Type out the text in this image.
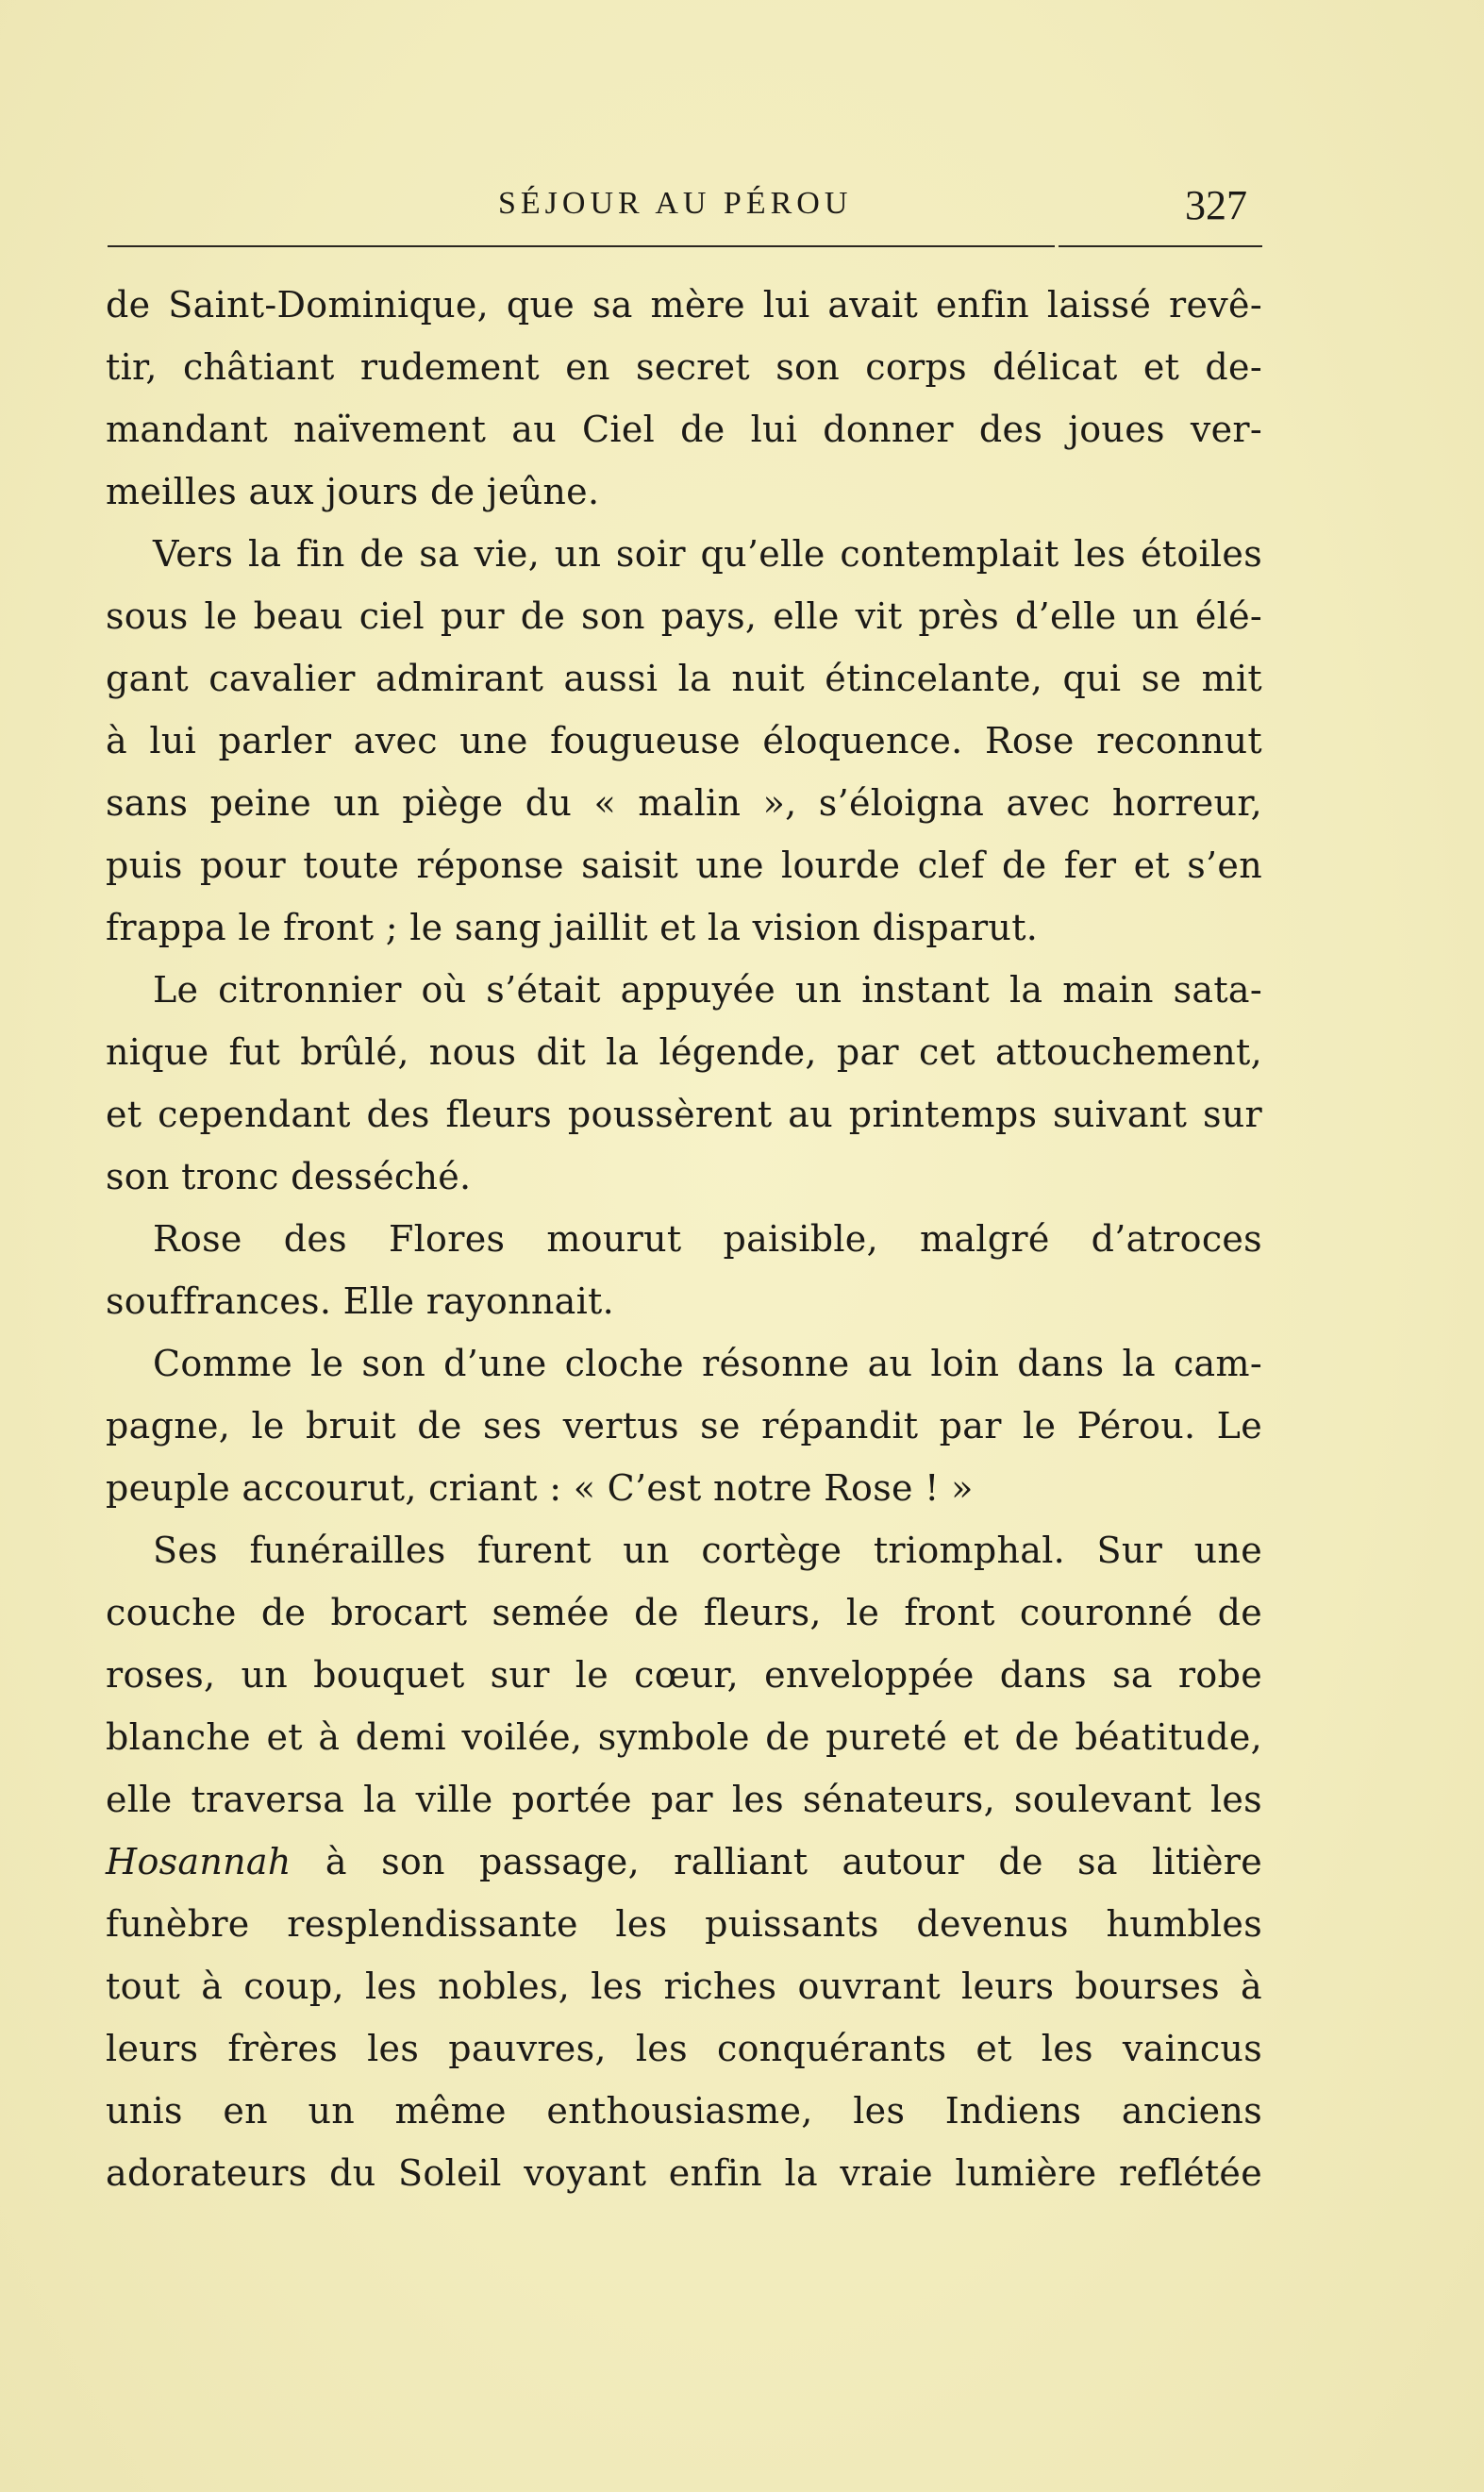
SÉJOUR AU PÉROU	327
de Saint-Dominique, que sa mère lui avait enfin laissé revê-
tir, châtiant rudement en secret son corps délicat et de-
mandant naïvement au Ciel de lui donner des joues ver-
meilles aux jours de jeûne.
Vers la fin de sa vie, un soir qu’elle contemplait les étoiles
sous le beau ciel pur de son pays, elle vit près d’elle un élé-
gant cavalier admirant aussi la nuit étincelante, qui se mit
à lui parler avec une fougueuse éloquence. Rose reconnut
sans peine un piège du « malin », s’éloigna avec horreur,
puis pour toute réponse saisit une lourde clef de fer et s’en
frappa le front ; le sang jaillit et la vision disparut.
Le citronnier où s’était appuyée un instant la main sata-
nique fut brûlé, nous dit la légende, par cet attouchement,
et cependant des fleurs poussèrent au printemps suivant sur
son tronc desséché.
Rose des Flores mourut paisible, malgré d’atroces
souffrances. Elle rayonnait.
Comme le son d’une cloche résonne au loin dans la cam-
pagne, le bruit de ses vertus se répandit par le Pérou. Le
peuple accourut, criant : « C’est notre Rose ! »
Ses funérailles furent un cortège triomphal. Sur une
couche de brocart semée de fleurs, le front couronné de
roses, un bouquet sur le cœur, enveloppée dans sa robe
blanche et à demi voilée, symbole de pureté et de béatitude,
elle traversa la ville portée par les sénateurs, soulevant les
Hosannah à son passage, ralliant autour de sa litière
funèbre resplendissante les puissants devenus humbles
tout à coup, les nobles, les riches ouvrant leurs bourses à
leurs frères les pauvres, les conquérants et les vaincus
unis en un même enthousiasme, les Indiens anciens
adorateurs du Soleil voyant enfin la vraie lumière reflétée
